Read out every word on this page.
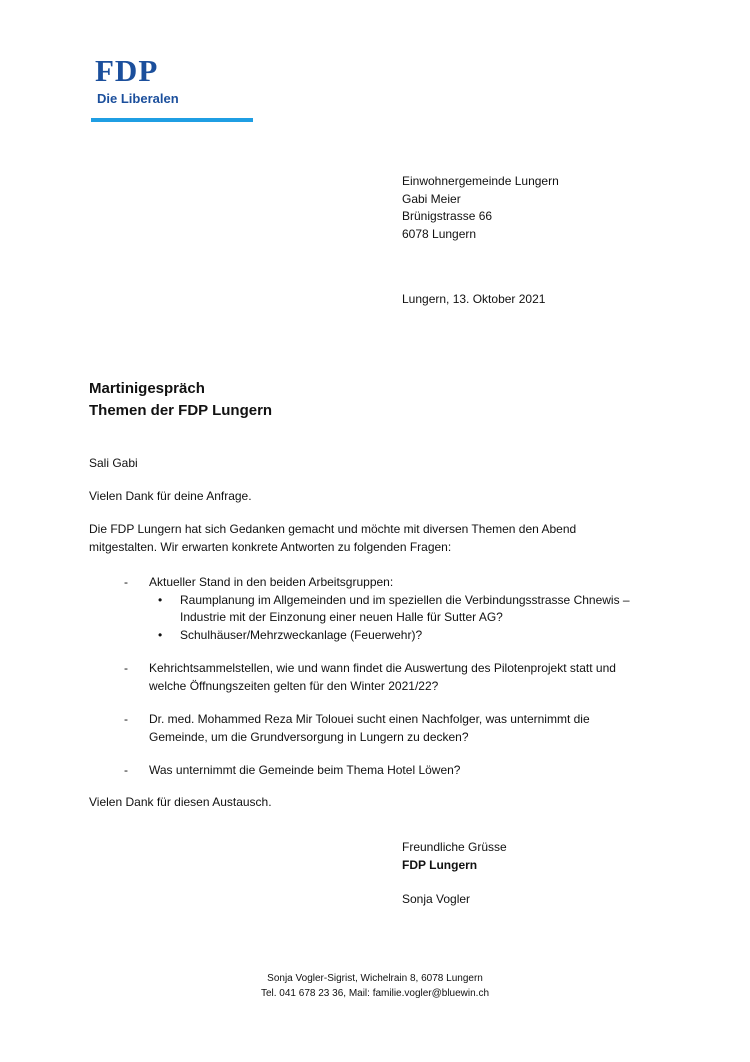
FDP
Die Liberalen
Einwohnergemeinde Lungern
Gabi Meier
Brünigstrasse 66
6078 Lungern
Lungern, 13. Oktober 2021
Martinigespräch
Themen der FDP Lungern
Sali Gabi
Vielen Dank für deine Anfrage.
Die FDP Lungern hat sich Gedanken gemacht und möchte mit diversen Themen den Abend
mitgestalten. Wir erwarten konkrete Antworten zu folgenden Fragen:
- Aktueller Stand in den beiden Arbeitsgruppen:
• Raumplanung im Allgemeinden und im speziellen die Verbindungsstrasse Chnewis –
Industrie mit der Einzonung einer neuen Halle für Sutter AG?
• Schulhäuser/Mehrzweckanlage (Feuerwehr)?
- Kehrichtsammelstellen, wie und wann findet die Auswertung des Pilotenprojekt statt und
welche Öffnungszeiten gelten für den Winter 2021/22?
- Dr. med. Mohammed Reza Mir Tolouei sucht einen Nachfolger, was unternimmt die
Gemeinde, um die Grundversorgung in Lungern zu decken?
- Was unternimmt die Gemeinde beim Thema Hotel Löwen?
Vielen Dank für diesen Austausch.
Freundliche Grüsse
FDP Lungern
Sonja Vogler
Sonja Vogler-Sigrist, Wichelrain 8, 6078 Lungern
Tel. 041 678 23 36, Mail: familie.vogler@bluewin.ch
